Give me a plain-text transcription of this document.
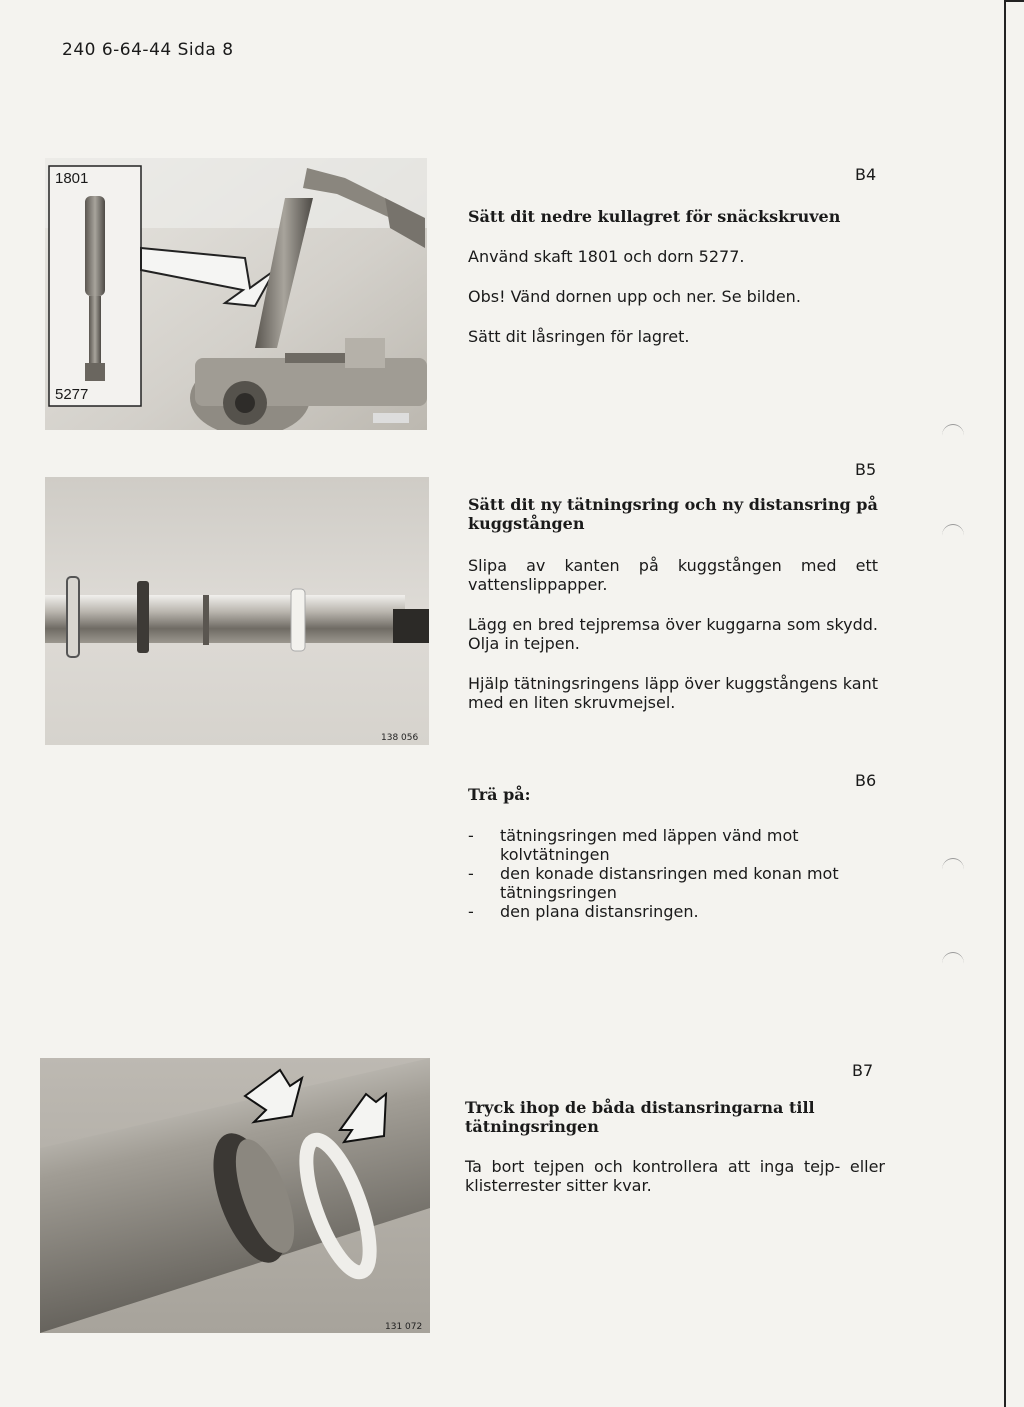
240 6-64-44 Sida 8
1801
5277
B4
Sätt dit nedre kullagret för snäckskruven
Använd skaft 1801 och dorn 5277.
Obs! Vänd dornen upp och ner. Se bilden.
Sätt dit låsringen för lagret.
138 056
B5
Sätt dit ny tätningsring och ny distansring på kuggstången
Slipa av kanten på kuggstången med ett vattenslippapper.
Lägg en bred tejpremsa över kuggarna som skydd. Olja in tejpen.
Hjälp tätningsringens läpp över kuggstångens kant med en liten skruvmejsel.
B6
Trä på:
-	tätningsringen med läppen vänd mot kolvtätningen
-	den konade distansringen med konan mot tätningsringen
-	den plana distansringen.
131 072
B7
Tryck ihop de båda distansringarna till tätningsringen
Ta bort tejpen och kontrollera att inga tejp- eller klisterrester sitter kvar.
